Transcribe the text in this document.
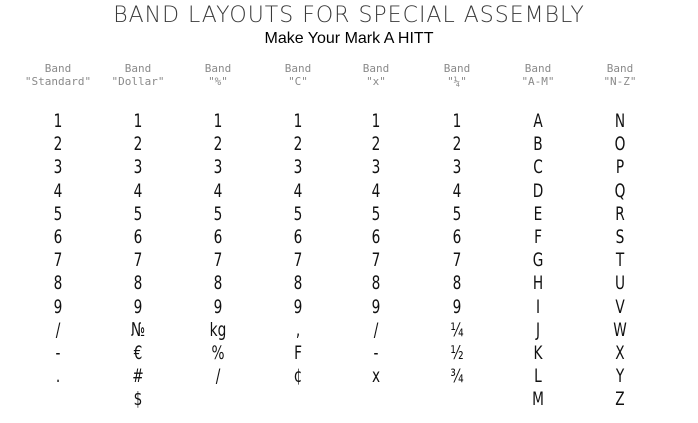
BAND LAYOUTS FOR SPECIAL ASSEMBLY
Make Your Mark A HITT
Band
"Standard"
1
2
3
4
5
6
7
8
9
/
-
.
Band
"Dollar"
1
2
3
4
5
6
7
8
9
№
€
#
$
Band
"%"
1
2
3
4
5
6
7
8
9
kg
%
/
Band
"C"
1
2
3
4
5
6
7
8
9
,
F
¢
Band
"x"
1
2
3
4
5
6
7
8
9
/
-
x
Band
"¼"
1
2
3
4
5
6
7
8
9
¼
½
¾
Band
"A-M"
A
B
C
D
E
F
G
H
I
J
K
L
M
Band
"N-Z"
N
O
P
Q
R
S
T
U
V
W
X
Y
Z
